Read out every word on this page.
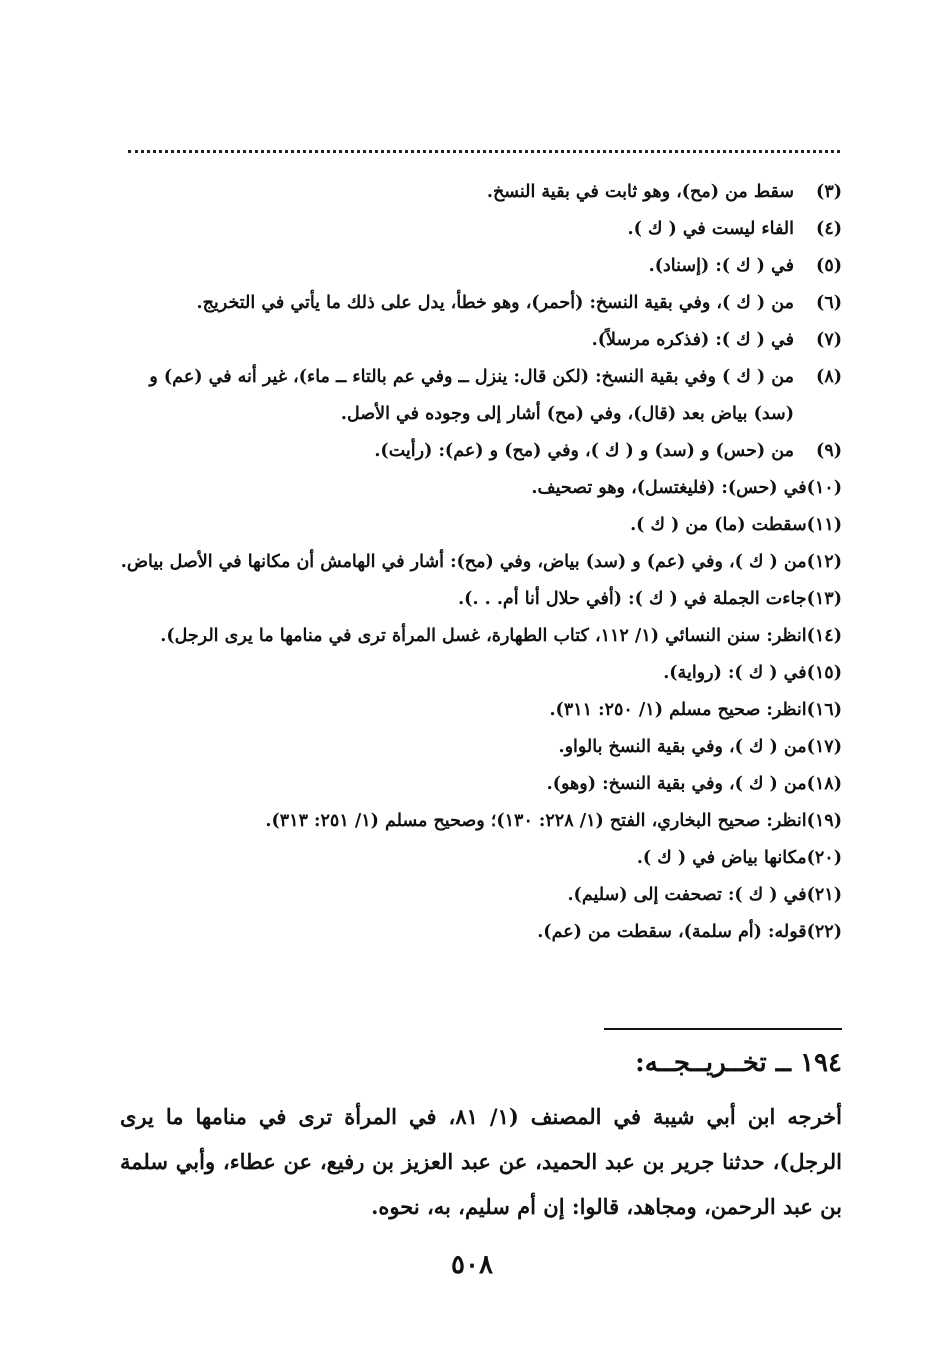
(٣)
سقط من (مح)، وهو ثابت في بقية النسخ.
(٤)
الفاء ليست في ( ك ).
(٥)
في ( ك ): (إسناد).
(٦)
من ( ك )، وفي بقية النسخ: (أحمر)، وهو خطأ، يدل على ذلك ما يأتي في التخريج.
(٧)
في ( ك ): (فذكره مرسلاً).
(٨)
من ( ك ) وفي بقية النسخ: (لكن قال: ينزل ــ وفي عم بالتاء ــ ماء)، غير أنه في (عم) و (سد) بياض بعد (قال)، وفي (مح) أشار إلى وجوده في الأصل.
(٩)
من (حس) و (سد) و ( ك )، وفي (مح) و (عم): (رأيت).
(١٠)
في (حس): (فليغتسل)، وهو تصحيف.
(١١)
سقطت (ما) من ( ك ).
(١٢)
من ( ك )، وفي (عم) و (سد) بياض، وفي (مح): أشار في الهامش أن مكانها في الأصل بياض.
(١٣)
جاءت الجملة في ( ك ): (أفي حلال أنا أم. . .).
(١٤)
انظر: سنن النسائي (١/ ١١٢، كتاب الطهارة، غسل المرأة ترى في منامها ما يرى الرجل).
(١٥)
في ( ك ): (رواية).
(١٦)
انظر: صحيح مسلم (١/ ٢٥٠: ٣١١).
(١٧)
من ( ك )، وفي بقية النسخ بالواو.
(١٨)
من ( ك )، وفي بقية النسخ: (وهو).
(١٩)
انظر: صحيح البخاري، الفتح (١/ ٢٢٨: ١٣٠)؛ وصحيح مسلم (١/ ٢٥١: ٣١٣).
(٢٠)
مكانها بياض في ( ك ).
(٢١)
في ( ك ): تصحفت إلى (سليم).
(٢٢)
قوله: (أم سلمة)، سقطت من (عم).
١٩٤ ــ تخــريــجــه:
أخرجه ابن أبي شيبة في المصنف (١/ ٨١، في المرأة ترى في منامها ما يرى الرجل)، حدثنا جرير بن عبد الحميد، عن عبد العزيز بن رفيع، عن عطاء، وأبي سلمة بن عبد الرحمن، ومجاهد، قالوا: إن أم سليم، به، نحوه.
٥٠٨
